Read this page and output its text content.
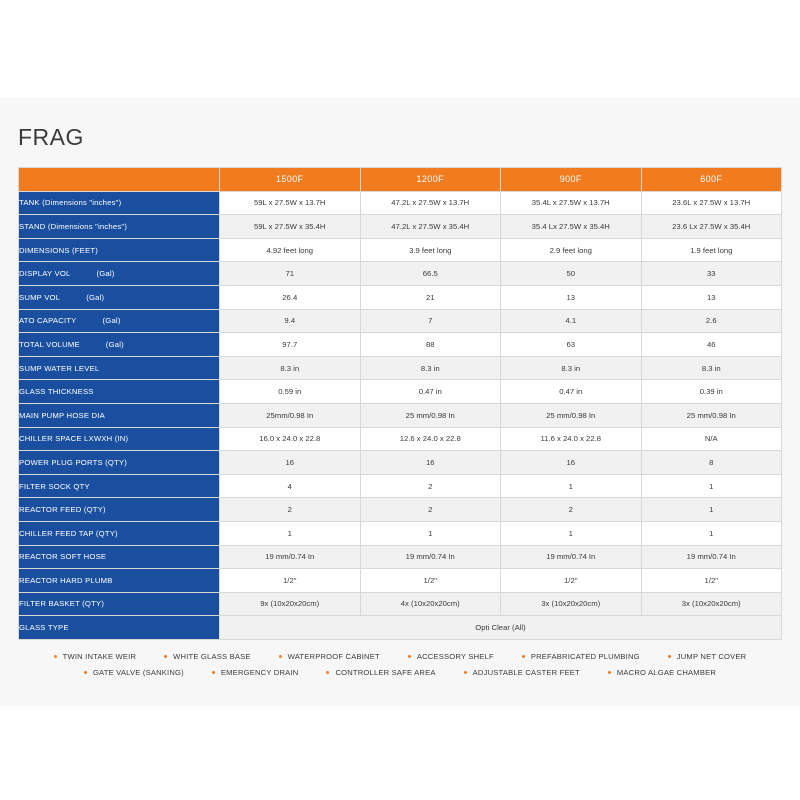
FRAG
	1500F	1200F	900F	600F
TANK (Dimensions "inches")	59L x 27.5W x 13.7H	47.2L x 27.5W x 13.7H	35.4L x 27.5W x 13.7H	23.6L x 27.5W x 13.7H
STAND (Dimensions "inches")	59L x 27.5W x 35.4H	47.2L x 27.5W x 35.4H	35.4 Lx 27.5W x 35.4H	23.6 Lx 27.5W x 35.4H
DIMENSIONS (FEET)	4.92 feet long	3.9 feet long	2.9 feet long	1.9 feet long
DISPLAY VOL (Gal)	71	66.5	50	33
SUMP VOL (Gal)	26.4	21	13	13
ATO CAPACITY (Gal)	9.4	7	4.1	2.6
TOTAL VOLUME (Gal)	97.7	88	63	46
SUMP WATER LEVEL	8.3 in	8.3 in	8.3 in	8.3 in
GLASS THICKNESS	0.59 in	0.47 in	0.47 in	0.39 in
MAIN PUMP HOSE DIA	25mm/0.98 In	25 mm/0.98 In	25 mm/0.98 In	25 mm/0.98 In
CHILLER SPACE LXWXH (IN)	16.0 x 24.0 x 22.8	12.6 x 24.0 x 22.8	11.6 x 24.0 x 22.8	N/A
POWER PLUG PORTS (QTY)	16	16	16	8
FILTER SOCK QTY	4	2	1	1
REACTOR FEED (QTY)	2	2	2	1
CHILLER FEED TAP (QTY)	1	1	1	1
REACTOR SOFT HOSE	19 mm/0.74 In	19 mm/0.74 In	19 mm/0.74 In	19 mm/0.74 In
REACTOR HARD PLUMB	1/2"	1/2"	1/2"	1/2"
FILTER BASKET (QTY)	9x (10x20x20cm)	4x (10x20x20cm)	3x (10x20x20cm)	3x (10x20x20cm)
GLASS TYPE	Opti Clear (All)			
TWIN INTAKE WEIR	WHITE GLASS BASE	WATERPROOF CABINET	ACCESSORY SHELF	PREFABRICATED PLUMBING	JUMP NET COVER
GATE VALVE (SANKING)	EMERGENCY DRAIN	CONTROLLER SAFE AREA	ADJUSTABLE CASTER FEET	MACRO ALGAE CHAMBER
